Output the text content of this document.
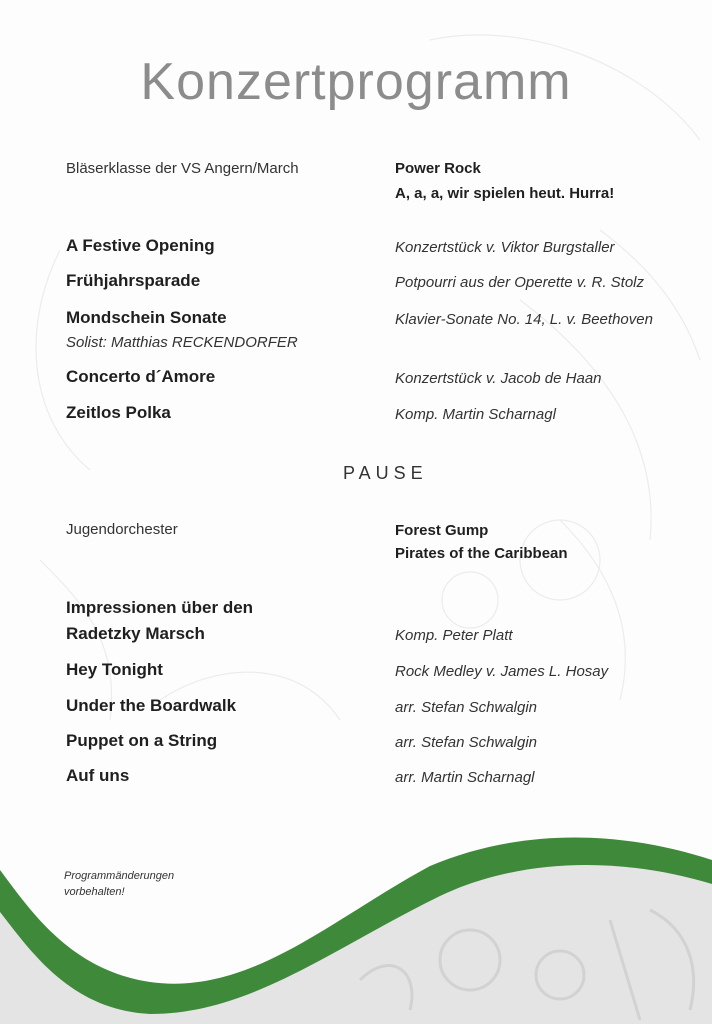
Konzertprogramm
Bläserklasse der VS Angern/March	Power Rock
A, a, a, wir spielen heut. Hurra!
A Festive Opening	Konzertstück v. Viktor Burgstaller
Frühjahrsparade	Potpourri aus der Operette v. R. Stolz
Mondschein Sonate	Klavier-Sonate No. 14, L. v. Beethoven
Solist: Matthias RECKENDORFER
Concerto d´Amore	Konzertstück v. Jacob de Haan
Zeitlos Polka	Komp. Martin Scharnagl
PAUSE
Jugendorchester	Forest Gump
Pirates of the Caribbean
Impressionen über den
Radetzky Marsch	Komp. Peter Platt
Hey Tonight	Rock Medley v. James L. Hosay
Under the Boardwalk	arr. Stefan Schwalgin
Puppet on a String	arr. Stefan Schwalgin
Auf uns	arr. Martin Scharnagl
Programmänderungen
vorbehalten!
